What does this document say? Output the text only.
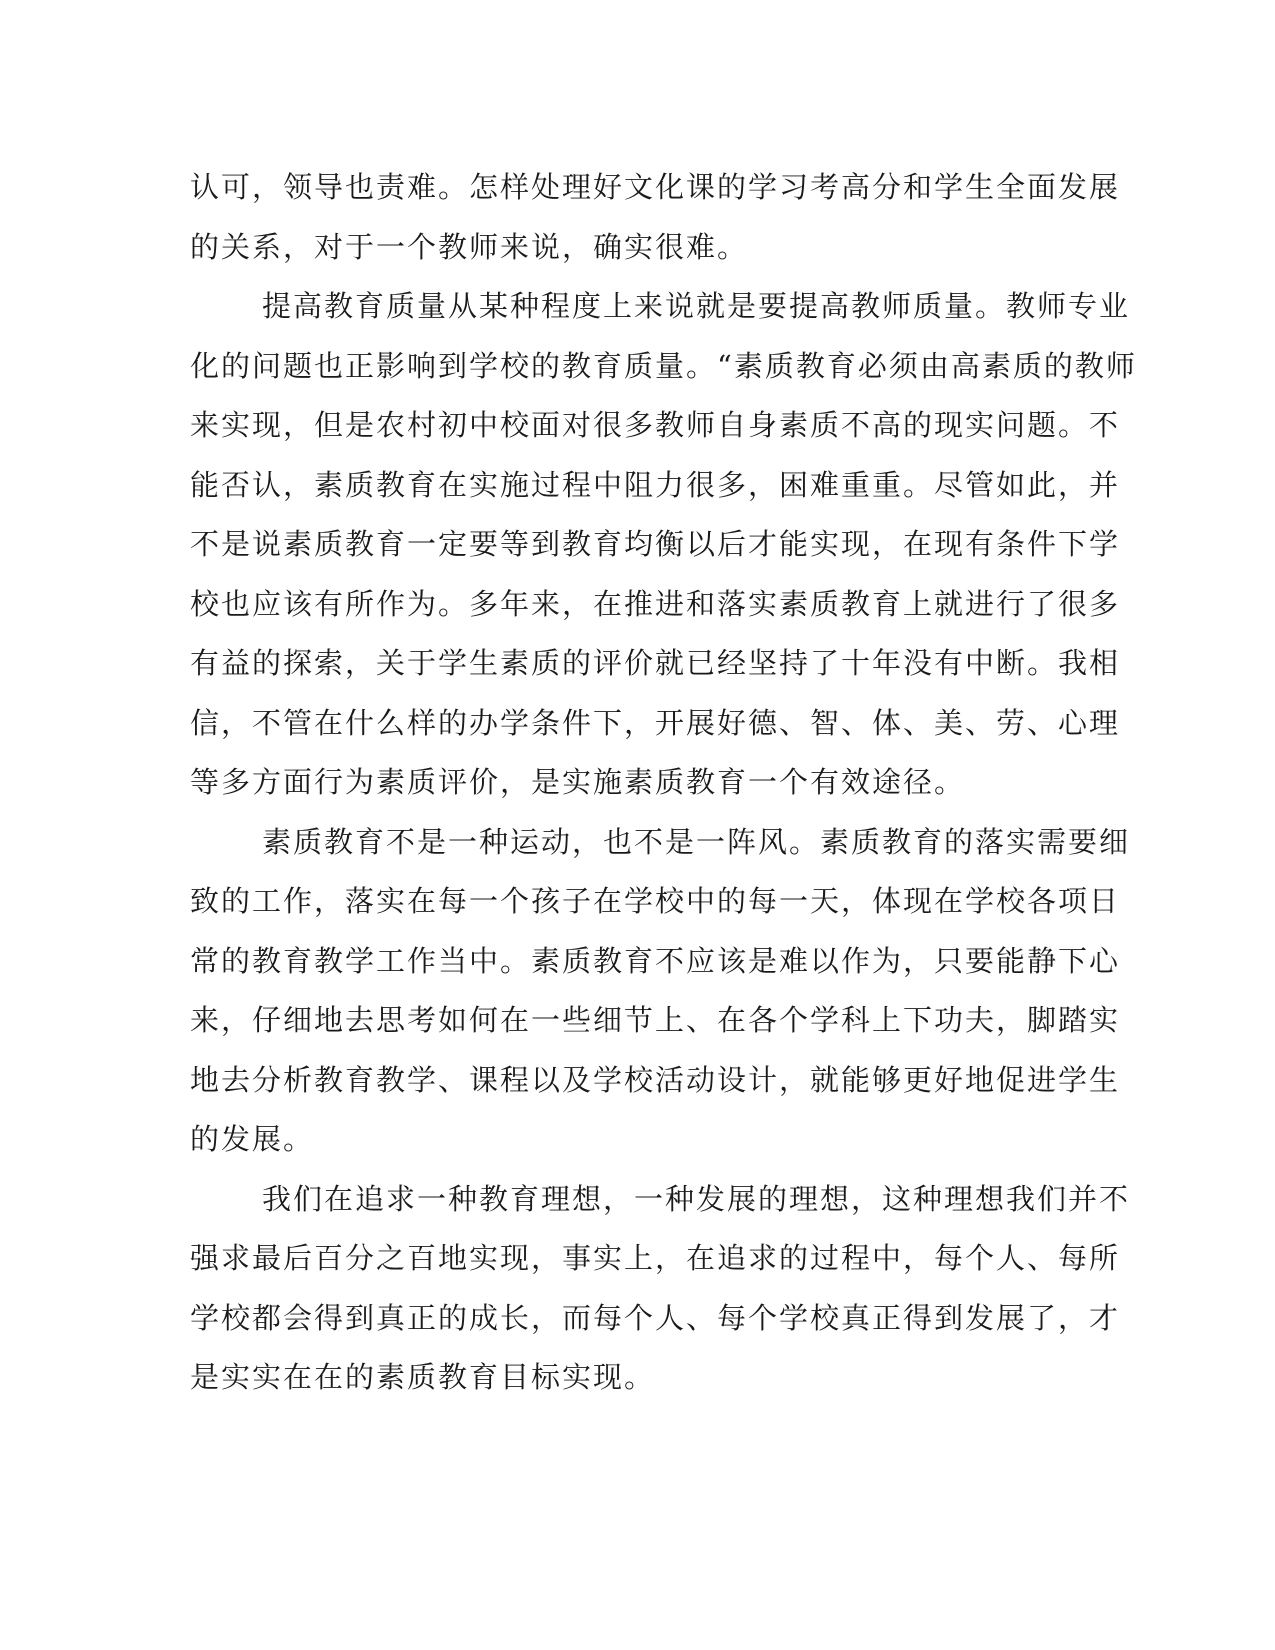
认可，领导也责难。怎样处理好文化课的学习考高分和学生全面发展
的关系，对于一个教师来说，确实很难。
提高教育质量从某种程度上来说就是要提高教师质量。教师专业
化的问题也正影响到学校的教育质量。“素质教育必须由高素质的教师
来实现，但是农村初中校面对很多教师自身素质不高的现实问题。不
能否认，素质教育在实施过程中阻力很多，困难重重。尽管如此，并
不是说素质教育一定要等到教育均衡以后才能实现，在现有条件下学
校也应该有所作为。多年来，在推进和落实素质教育上就进行了很多
有益的探索，关于学生素质的评价就已经坚持了十年没有中断。我相
信，不管在什么样的办学条件下，开展好德、智、体、美、劳、心理
等多方面行为素质评价，是实施素质教育一个有效途径。
素质教育不是一种运动，也不是一阵风。素质教育的落实需要细
致的工作，落实在每一个孩子在学校中的每一天，体现在学校各项日
常的教育教学工作当中。素质教育不应该是难以作为，只要能静下心
来，仔细地去思考如何在一些细节上、在各个学科上下功夫，脚踏实
地去分析教育教学、课程以及学校活动设计，就能够更好地促进学生
的发展。
我们在追求一种教育理想，一种发展的理想，这种理想我们并不
强求最后百分之百地实现，事实上，在追求的过程中，每个人、每所
学校都会得到真正的成长，而每个人、每个学校真正得到发展了，才
是实实在在的素质教育目标实现。
